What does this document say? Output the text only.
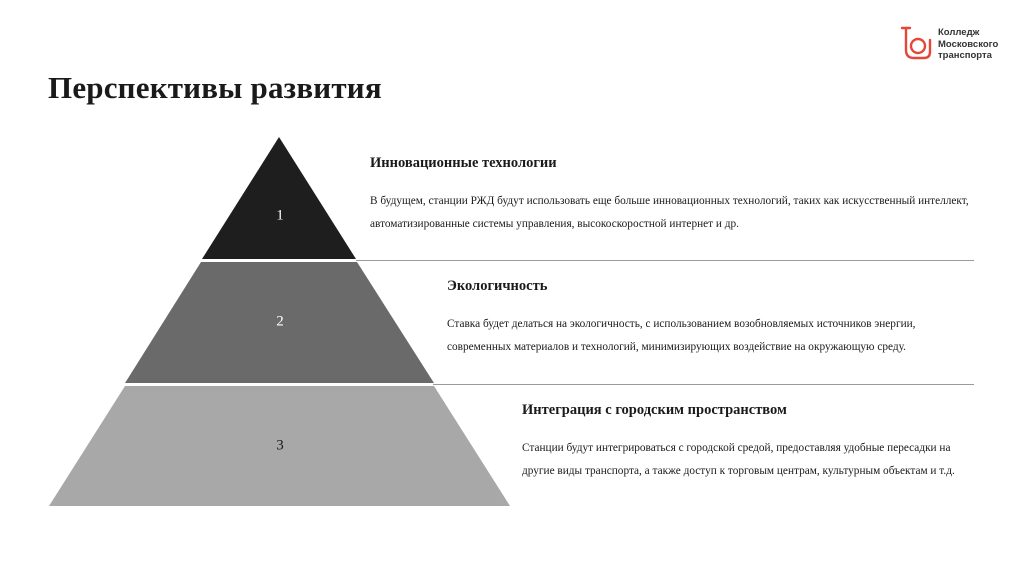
Перспективы развития
Колледж
Московского
транспорта
1
2
3
Инновационные технологии

В будущем, станции РЖД будут использовать еще больше инновационных технологий, таких как искусственный интеллект, автоматизированные системы управления, высокоскоростной интернет и др.

Экологичность

Ставка будет делаться на экологичность, с использованием возобновляемых источников энергии, современных материалов и технологий, минимизирующих воздействие на окружающую среду.

Интеграция с городским пространством

Станции будут интегрироваться с городской средой, предоставляя удобные пересадки на другие виды транспорта, а также доступ к торговым центрам, культурным объектам и т.д.
